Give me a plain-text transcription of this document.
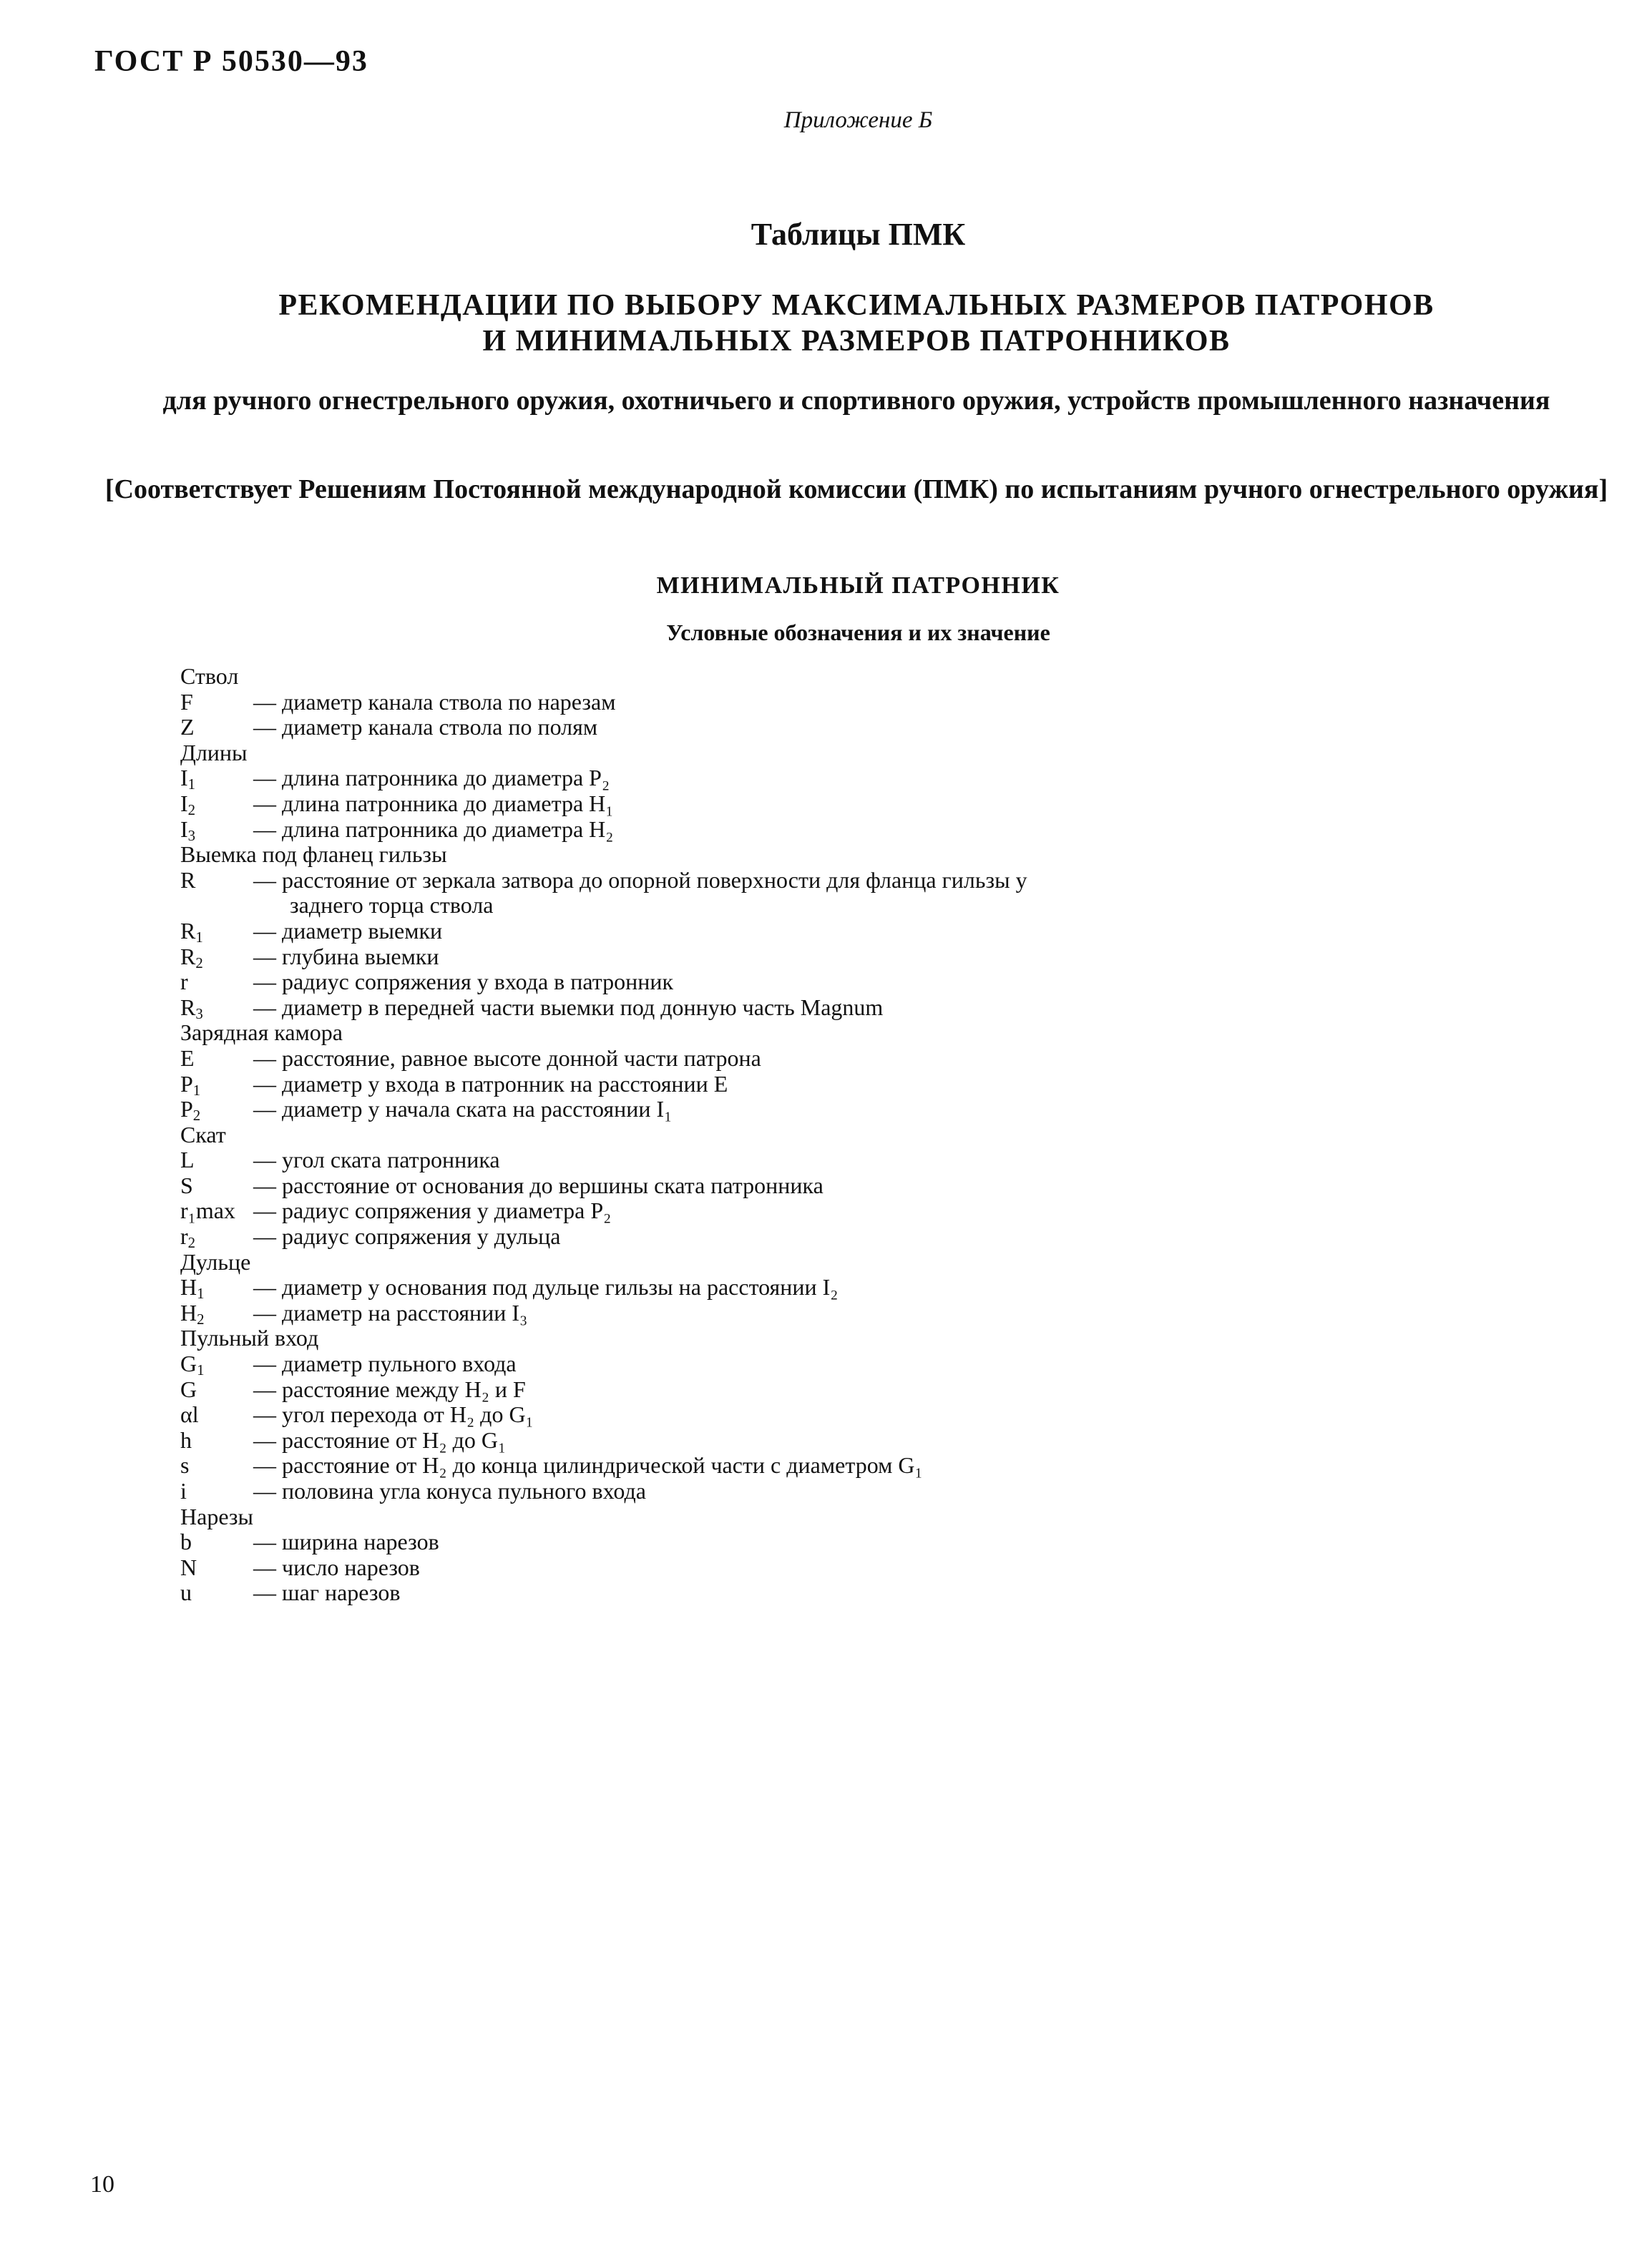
ГОСТ Р 50530—93
Приложение Б
Таблицы ПМК
РЕКОМЕНДАЦИИ ПО ВЫБОРУ МАКСИМАЛЬНЫХ РАЗМЕРОВ ПАТРОНОВ
И МИНИМАЛЬНЫХ РАЗМЕРОВ ПАТРОННИКОВ
для ручного огнестрельного оружия, охотничьего и спортивного оружия, устройств промышленного назначения
[Соответствует Решениям Постоянной международной комиссии (ПМК) по испытаниям ручного огнестрельного оружия]
МИНИМАЛЬНЫЙ ПАТРОННИК
Условные обозначения и их значение
Ствол
F	— диаметр канала ствола по нарезам
Z	— диаметр канала ствола по полям
Длины
$I_1$	— длина патронника до диаметра P₂
$I_2$	— длина патронника до диаметра H₁
$I_3$	— длина патронника до диаметра H₂
Выемка под фланец гильзы
R	— расстояние от зеркала затвора до опорной поверхности для фланца гильзы у
заднего торца ствола
$R_1$ — диаметр выемки
$R_2$ — глубина выемки
r	— радиус сопряжения у входа в патронник
$R_3$ — диаметр в передней части выемки под донную часть Magnum
Зарядная камора
E	— расстояние, равное высоте донной части патрона
$P_1$ — диаметр у входа в патронник на расстоянии E
$P_2$ — диаметр у начала ската на расстоянии I₁
Скат
L	— угол ската патронника
S	— расстояние от основания до вершины ската патронника
r₁max — радиус сопряжения у диаметра P₂
$r_2$	— радиус сопряжения у дульца
Дульце
$H_1$ — диаметр у основания под дульце гильзы на расстоянии I₂
$H_2$ — диаметр на расстоянии I₃
Пульный вход
$G_1$ — диаметр пульного входа
G — расстояние между H₂ и F
αl — угол перехода от H₂ до G₁
h	— расстояние от H₂ до G₁
s	— расстояние от H₂ до конца цилиндрической части с диаметром G₁
i	— половина угла конуса пульного входа
Нарезы
b	— ширина нарезов
N — число нарезов
u	— шаг нарезов
10
